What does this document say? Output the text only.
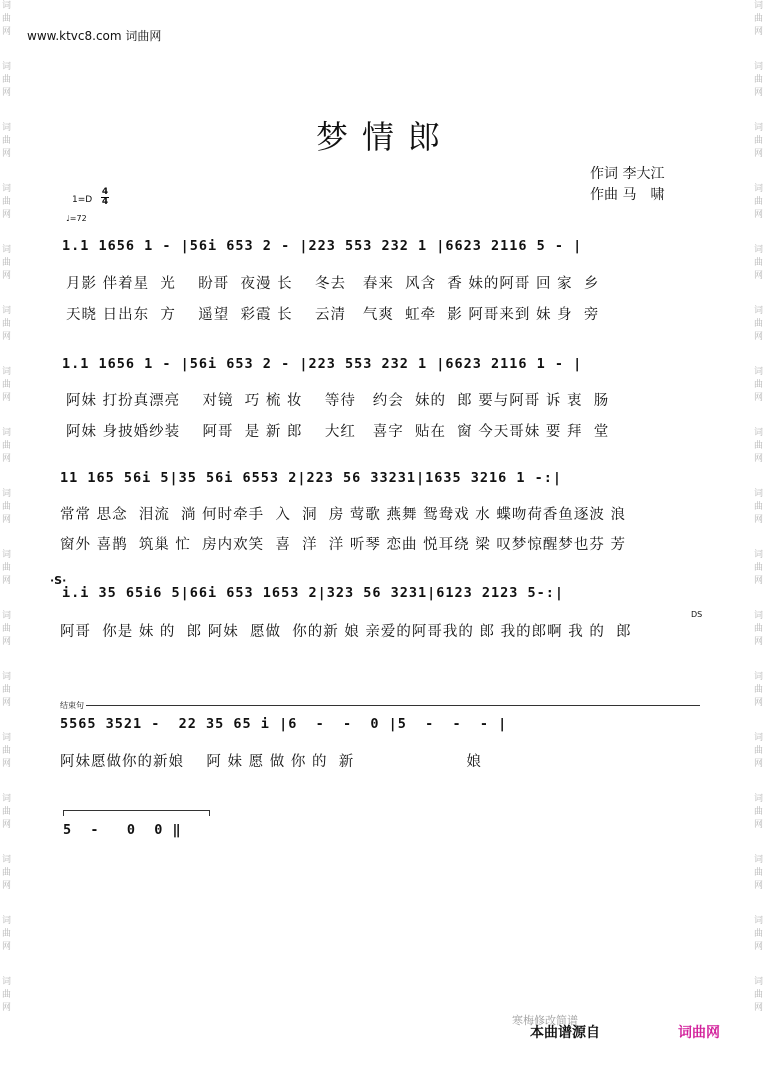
词
曲
网
词
曲
网
词
曲
网
词
曲
网
词
曲
网
词
曲
网
词
曲
网
词
曲
网
词
曲
网
词
曲
网
词
曲
网
词
曲
网
词
曲
网
词
曲
网
词
曲
网
词
曲
网
词
曲
网
词
曲
网
词
曲
网
词
曲
网
词
曲
网
词
曲
网
词
曲
网
词
曲
网
词
曲
网
词
曲
网
词
曲
网
词
曲
网
词
曲
网
词
曲
网
词
曲
网
词
曲
网
词
曲
网
词
曲
网
www.ktvc8.com 词曲网
梦情郎
作词 李大江
作曲 马　啸
1=D
4
4
♩=72
1.1 1656 1 - |56i 653 2 - |223 553 232 1 |6623 2116 5 - |
月影 伴着星  光    盼哥  夜漫 长    冬去   春来  风含  香 妹的阿哥 回 家  乡
天晓 日出东  方    遥望  彩霞 长    云清   气爽  虹牵  影 阿哥来到 妹 身  旁
1.1 1656 1 - |56i 653 2 - |223 553 232 1 |6623 2116 1 - |
阿妹 打扮真漂亮    对镜  巧 梳 妆    等待   约会  妹的  郎 要与阿哥 诉 衷  肠
阿妹 身披婚纱装    阿哥  是 新 郎    大红   喜字  贴在  窗 今天哥妹 要 拜  堂
11 165 56i 5|35 56i 6553 2|223 56 33231|1635 3216 1 -:|
常常 思念  泪流  淌 何时牵手  入  洞  房 莺歌 燕舞 鸳鸯戏 水 蝶吻荷香鱼逐波 浪
窗外 喜鹊  筑巢 忙  房内欢笑  喜  洋  洋 听琴 恋曲 悦耳绕 梁 叹梦惊醒梦也芬 芳
·S·
i.i 35 65i6 5|66i 653 1653 2|323 56 3231|6123 2123 5-:|
阿哥  你是 妹 的  郎 阿妹  愿做  你的新 娘 亲爱的阿哥我的 郎 我的郎啊 我 的  郎
DS
结束句
5565 3521 -  22 35 65 i |6  -  -  0 |5  -  -  - |
阿妹愿做你的新娘    阿 妹 愿 做 你 的  新                    娘
5  -   0  0 ‖
寒梅修改简谱
本曲谱源自	词曲网
